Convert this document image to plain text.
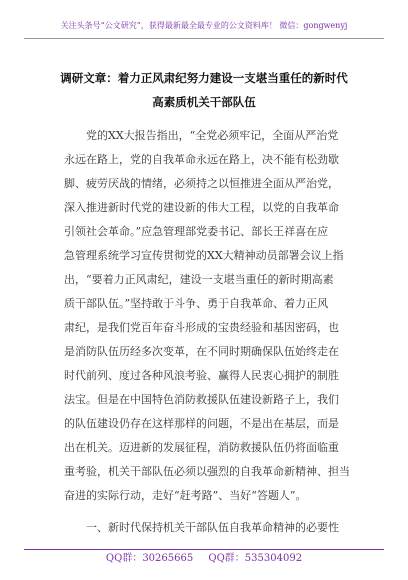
关注头条号“公文研究”，获得最新最全最专业的公文资料库！ 微信：gongwenyj
调研文章：着力正风肃纪努力建设一支堪当重任的新时代
高素质机关干部队伍
党的XX大报告指出，“全党必须牢记，全面从严治党
永远在路上，党的自我革命永远在路上，决不能有松劲歇
脚、疲劳厌战的情绪，必须持之以恒推进全面从严治党，
深入推进新时代党的建设新的伟大工程，以党的自我革命
引领社会革命。”应急管理部党委书记、部长王祥喜在应
急管理系统学习宣传贯彻党的XX大精神动员部署会议上指
出，“要着力正风肃纪，建设一支堪当重任的新时期高素
质干部队伍。”坚持敢于斗争、勇于自我革命、着力正风
肃纪，是我们党百年奋斗形成的宝贵经验和基因密码，也
是消防队伍历经多次变革，在不同时期确保队伍始终走在
时代前列、度过各种风浪考验、赢得人民衷心拥护的制胜
法宝。但是在中国特色消防救援队伍建设新路子上，我们
的队伍建设仍存在这样那样的问题，不是出在基层，而是
出在机关。迈进新的发展征程，消防救援队伍仍将面临重
重考验，机关干部队伍必须以强烈的自我革命新精神、担当
奋进的实际行动，走好“赶考路”、当好“答题人”。
一、新时代保持机关干部队伍自我革命精神的必要性
QQ群：30265665 QQ群：535304092
